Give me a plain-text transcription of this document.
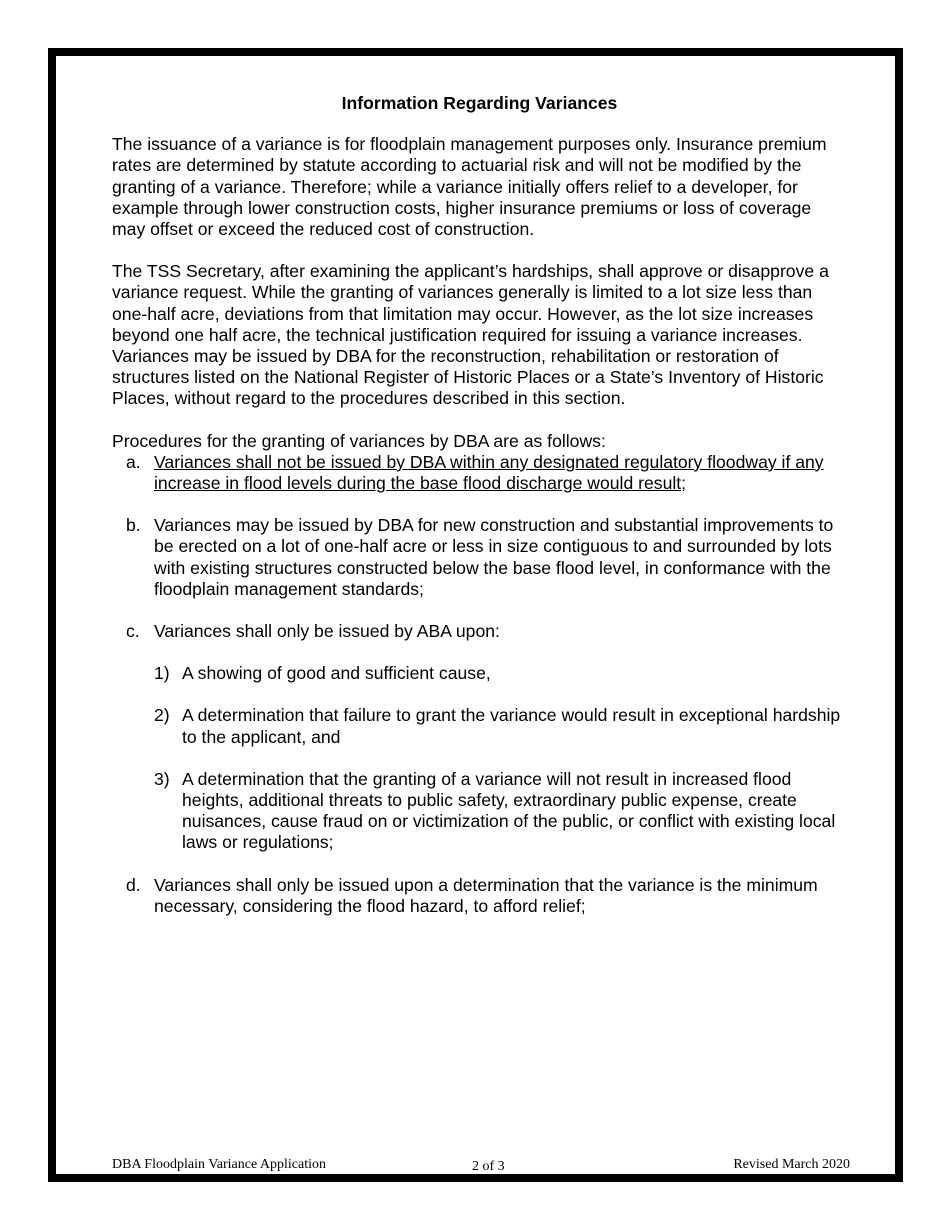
Information Regarding Variances

The issuance of a variance is for floodplain management purposes only. Insurance premium rates are determined by statute according to actuarial risk and will not be modified by the granting of a variance. Therefore; while a variance initially offers relief to a developer, for example through lower construction costs, higher insurance premiums or loss of coverage may offset or exceed the reduced cost of construction.

The TSS Secretary, after examining the applicant’s hardships, shall approve or disapprove a variance request. While the granting of variances generally is limited to a lot size less than one-half acre, deviations from that limitation may occur. However, as the lot size increases beyond one half acre, the technical justification required for issuing a variance increases. Variances may be issued by DBA for the reconstruction, rehabilitation or restoration of structures listed on the National Register of Historic Places or a State’s Inventory of Historic Places, without regard to the procedures described in this section.

Procedures for the granting of variances by DBA are as follows:
a. Variances shall not be issued by DBA within any designated regulatory floodway if any increase in flood levels during the base flood discharge would result;
b. Variances may be issued by DBA for new construction and substantial improvements to be erected on a lot of one-half acre or less in size contiguous to and surrounded by lots with existing structures constructed below the base flood level, in conformance with the floodplain management standards;
c. Variances shall only be issued by ABA upon:
1) A showing of good and sufficient cause,
2) A determination that failure to grant the variance would result in exceptional hardship to the applicant, and
3) A determination that the granting of a variance will not result in increased flood heights, additional threats to public safety, extraordinary public expense, create nuisances, cause fraud on or victimization of the public, or conflict with existing local laws or regulations;
d. Variances shall only be issued upon a determination that the variance is the minimum necessary, considering the flood hazard, to afford relief;
DBA Floodplain Variance Application	2 of 3	Revised March 2020
